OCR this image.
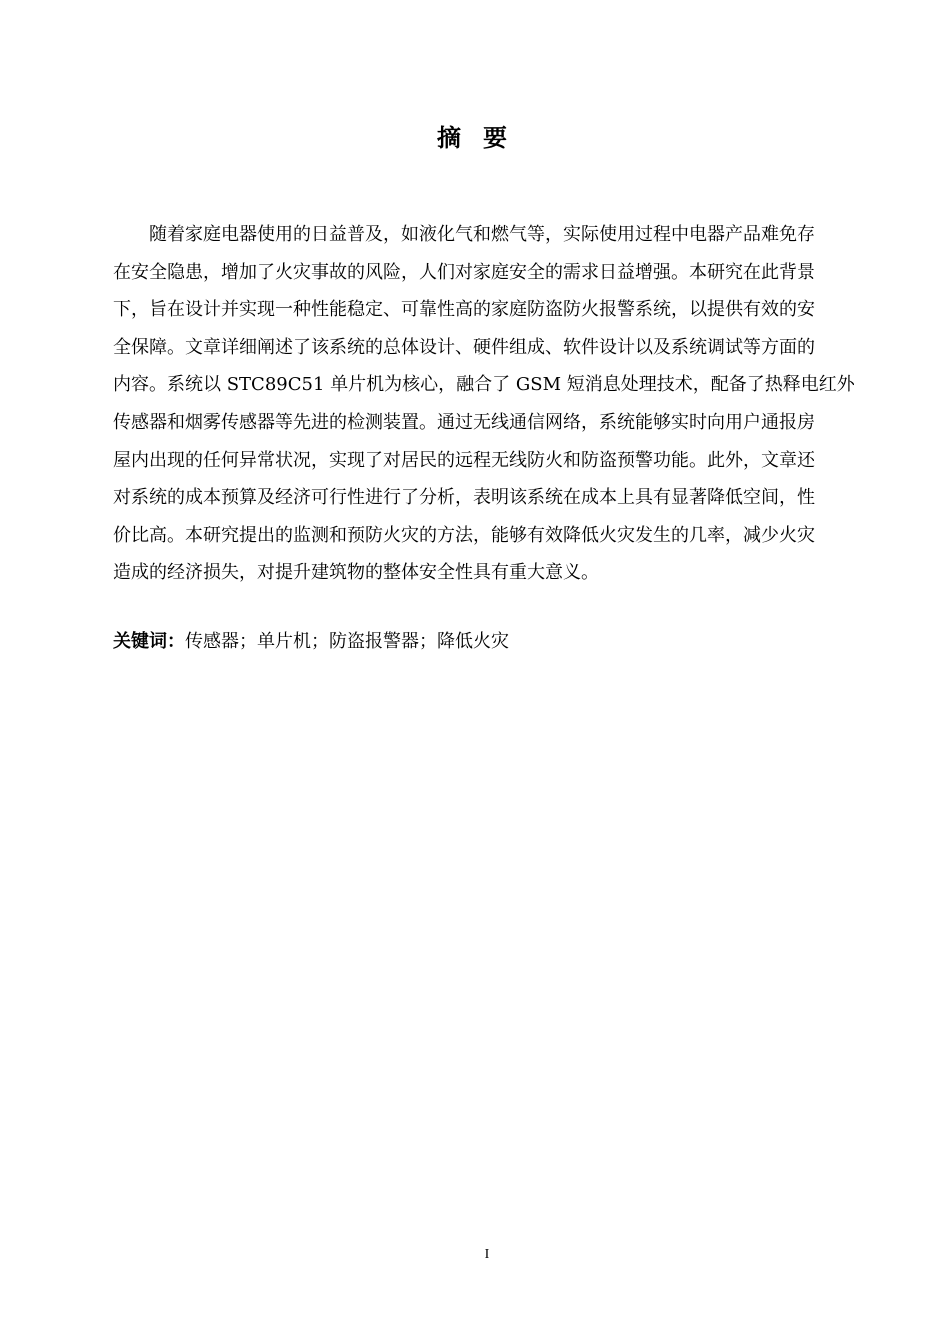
摘要
随着家庭电器使用的日益普及，如液化气和燃气等，实际使用过程中电器产品难免存
在安全隐患，增加了火灾事故的风险，人们对家庭安全的需求日益增强。本研究在此背景
下，旨在设计并实现一种性能稳定、可靠性高的家庭防盗防火报警系统，以提供有效的安
全保障。文章详细阐述了该系统的总体设计、硬件组成、软件设计以及系统调试等方面的
内容。系统以 STC89C51 单片机为核心，融合了 GSM 短消息处理技术，配备了热释电红外
传感器和烟雾传感器等先进的检测装置。通过无线通信网络，系统能够实时向用户通报房
屋内出现的任何异常状况，实现了对居民的远程无线防火和防盗预警功能。此外，文章还
对系统的成本预算及经济可行性进行了分析，表明该系统在成本上具有显著降低空间，性
价比高。本研究提出的监测和预防火灾的方法，能够有效降低火灾发生的几率，减少火灾
造成的经济损失，对提升建筑物的整体安全性具有重大意义。
关键词：传感器；单片机；防盗报警器；降低火灾
I
